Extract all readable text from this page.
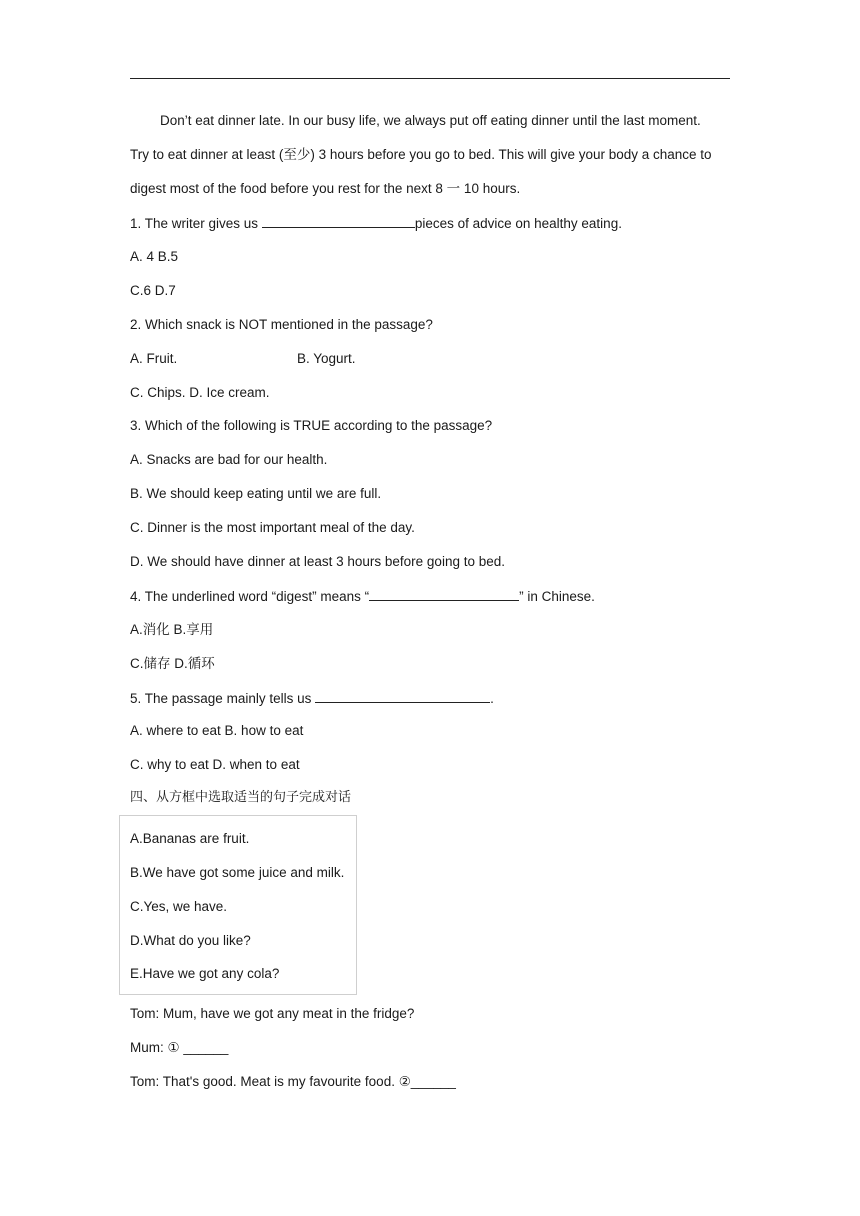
Don’t eat dinner late. In our busy life, we always put off eating dinner until the last moment.
Try to eat dinner at least (至少) 3 hours before you go to bed. This will give your body a chance to
digest most of the food before you rest for the next 8 一 10 hours.
1. The writer gives us	pieces of advice on healthy eating.
A. 4 B.5
C.6 D.7
2. Which snack is NOT mentioned in the passage?
A. Fruit.	B. Yogurt.
C. Chips. D. Ice cream.
3. Which of the following is TRUE according to the passage?
A. Snacks are bad for our health.
B. We should keep eating until we are full.
C. Dinner is the most important meal of the day.
D. We should have dinner at least 3 hours before going to bed.
4. The underlined word “digest” means “	” in Chinese.
A.消化 B.享用
C.储存 D.循环
5. The passage mainly tells us	.
A. where to eat B. how to eat
C. why to eat D. when to eat
四、从方框中选取适当的句子完成对话
A.Bananas are fruit.
B.We have got some juice and milk.
C.Yes, we have.
D.What do you like?
E.Have we got any cola?
Tom: Mum, have we got any meat in the fridge?
Mum: ① ______
Tom: That's good. Meat is my favourite food. ②______
